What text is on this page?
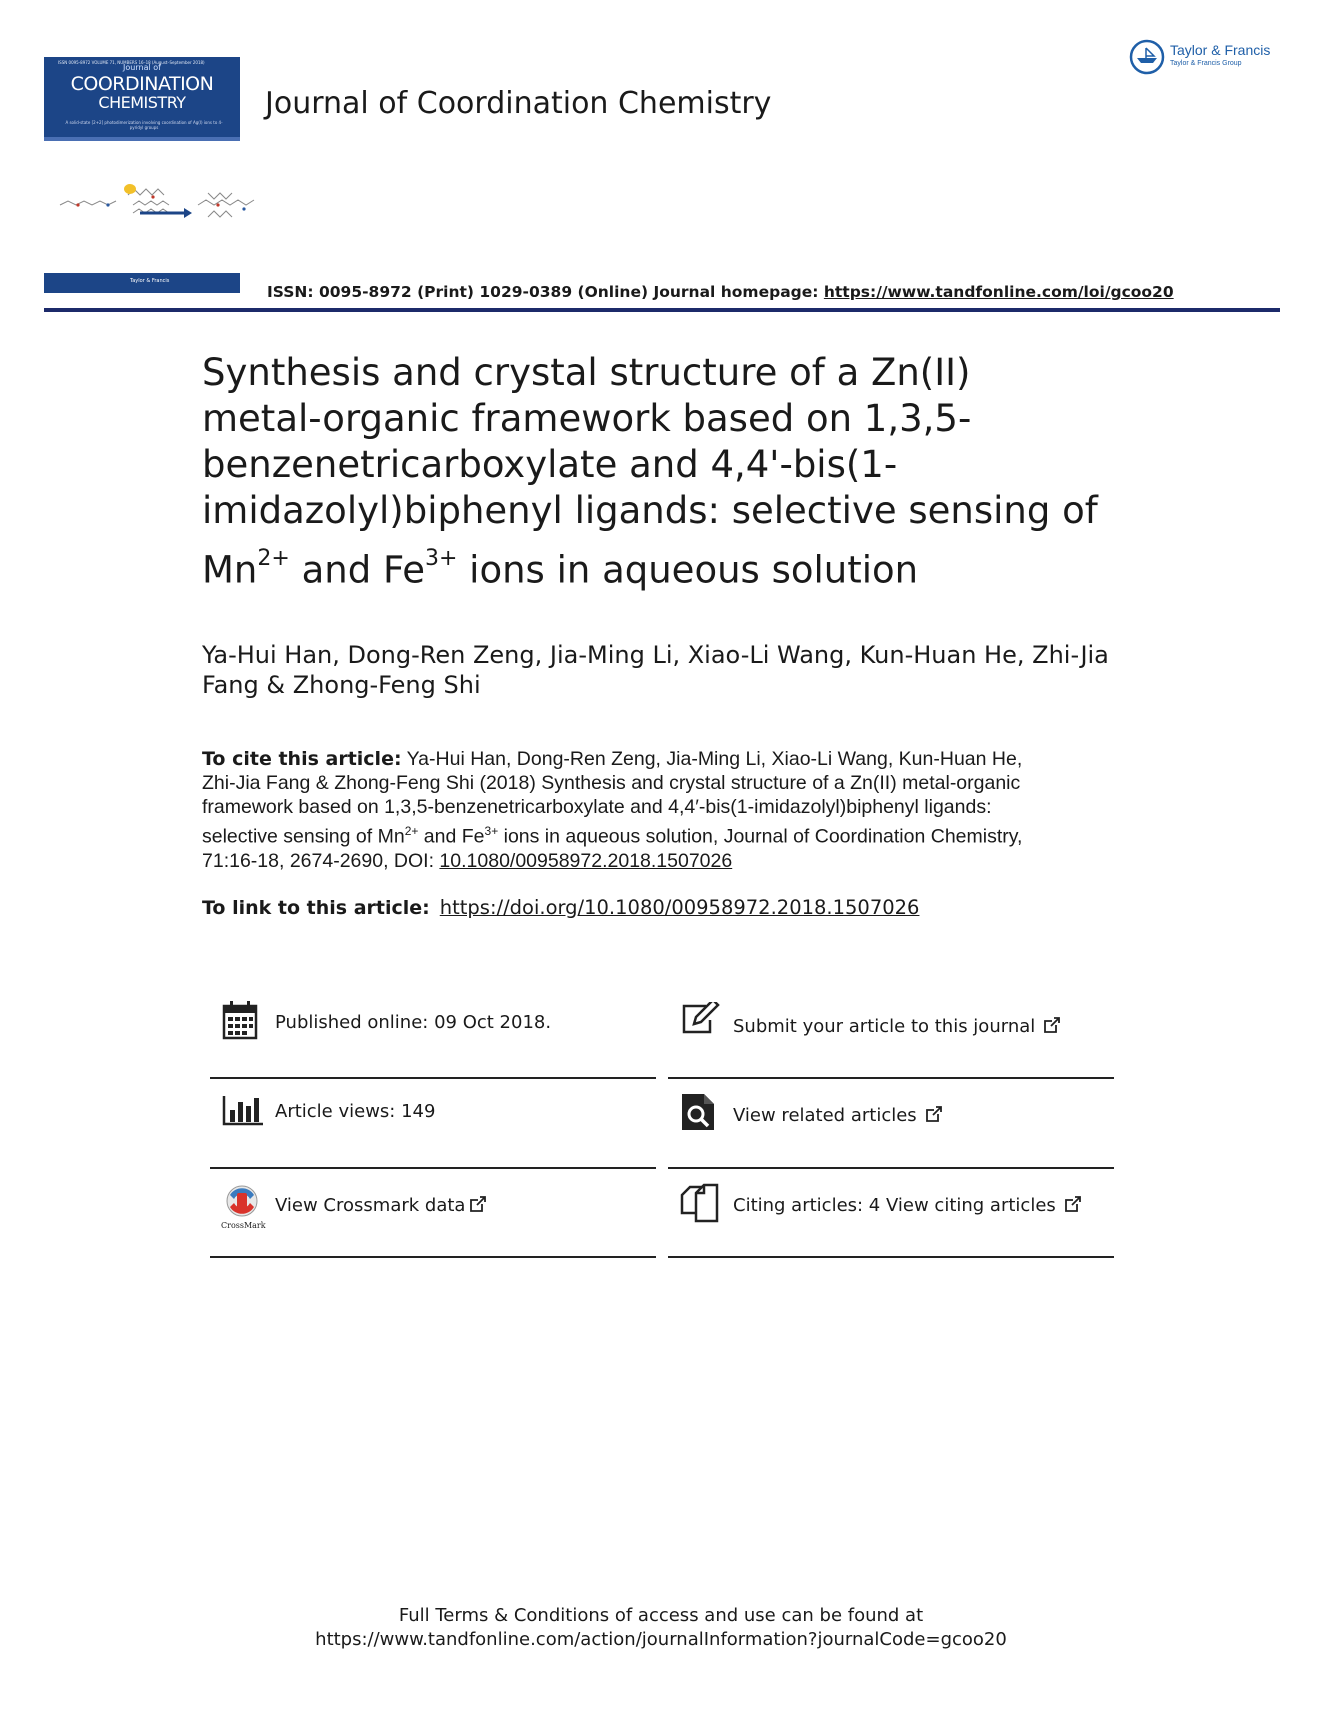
ISSN 0095-8972 VOLUME 71, NUMBERS 16–18 (August–September 2018)
Journal of
COORDINATION
CHEMISTRY
A solid-state [2+2] photodimerization involving coordination of Ag(I) ions to 4-pyridyl groups
Taylor & Francis
Journal of Coordination Chemistry
Taylor & Francis
Taylor & Francis Group
ISSN: 0095-8972 (Print) 1029-0389 (Online) Journal homepage: https://www.tandfonline.com/loi/gcoo20
Synthesis and crystal structure of a Zn(II)
metal-organic framework based on 1,3,5-
benzenetricarboxylate and 4,4'-bis(1-
imidazolyl)biphenyl ligands: selective sensing of
$Mn^{2+}$ and $Fe^{3+}$ ions in aqueous solution
Ya-Hui Han, Dong-Ren Zeng, Jia-Ming Li, Xiao-Li Wang, Kun-Huan He, Zhi-Jia
Fang & Zhong-Feng Shi
To cite this article: Ya-Hui Han, Dong-Ren Zeng, Jia-Ming Li, Xiao-Li Wang, Kun-Huan He,
Zhi-Jia Fang & Zhong-Feng Shi (2018) Synthesis and crystal structure of a Zn(II) metal-organic
framework based on 1,3,5-benzenetricarboxylate and 4,4′-bis(1-imidazolyl)biphenyl ligands:
selective sensing of $Mn^{2+}$ and $Fe^{3+}$ ions in aqueous solution, Journal of Coordination Chemistry,
71:16-18, 2674-2690, DOI: 10.1080/00958972.2018.1507026
To link to this article: https://doi.org/10.1080/00958972.2018.1507026
Published online: 09 Oct 2018.
Article views: 149
CrossMark
View Crossmark data
Submit your article to this journal
View related articles
Citing articles: 4 View citing articles
Full Terms & Conditions of access and use can be found at
https://www.tandfonline.com/action/journalInformation?journalCode=gcoo20
